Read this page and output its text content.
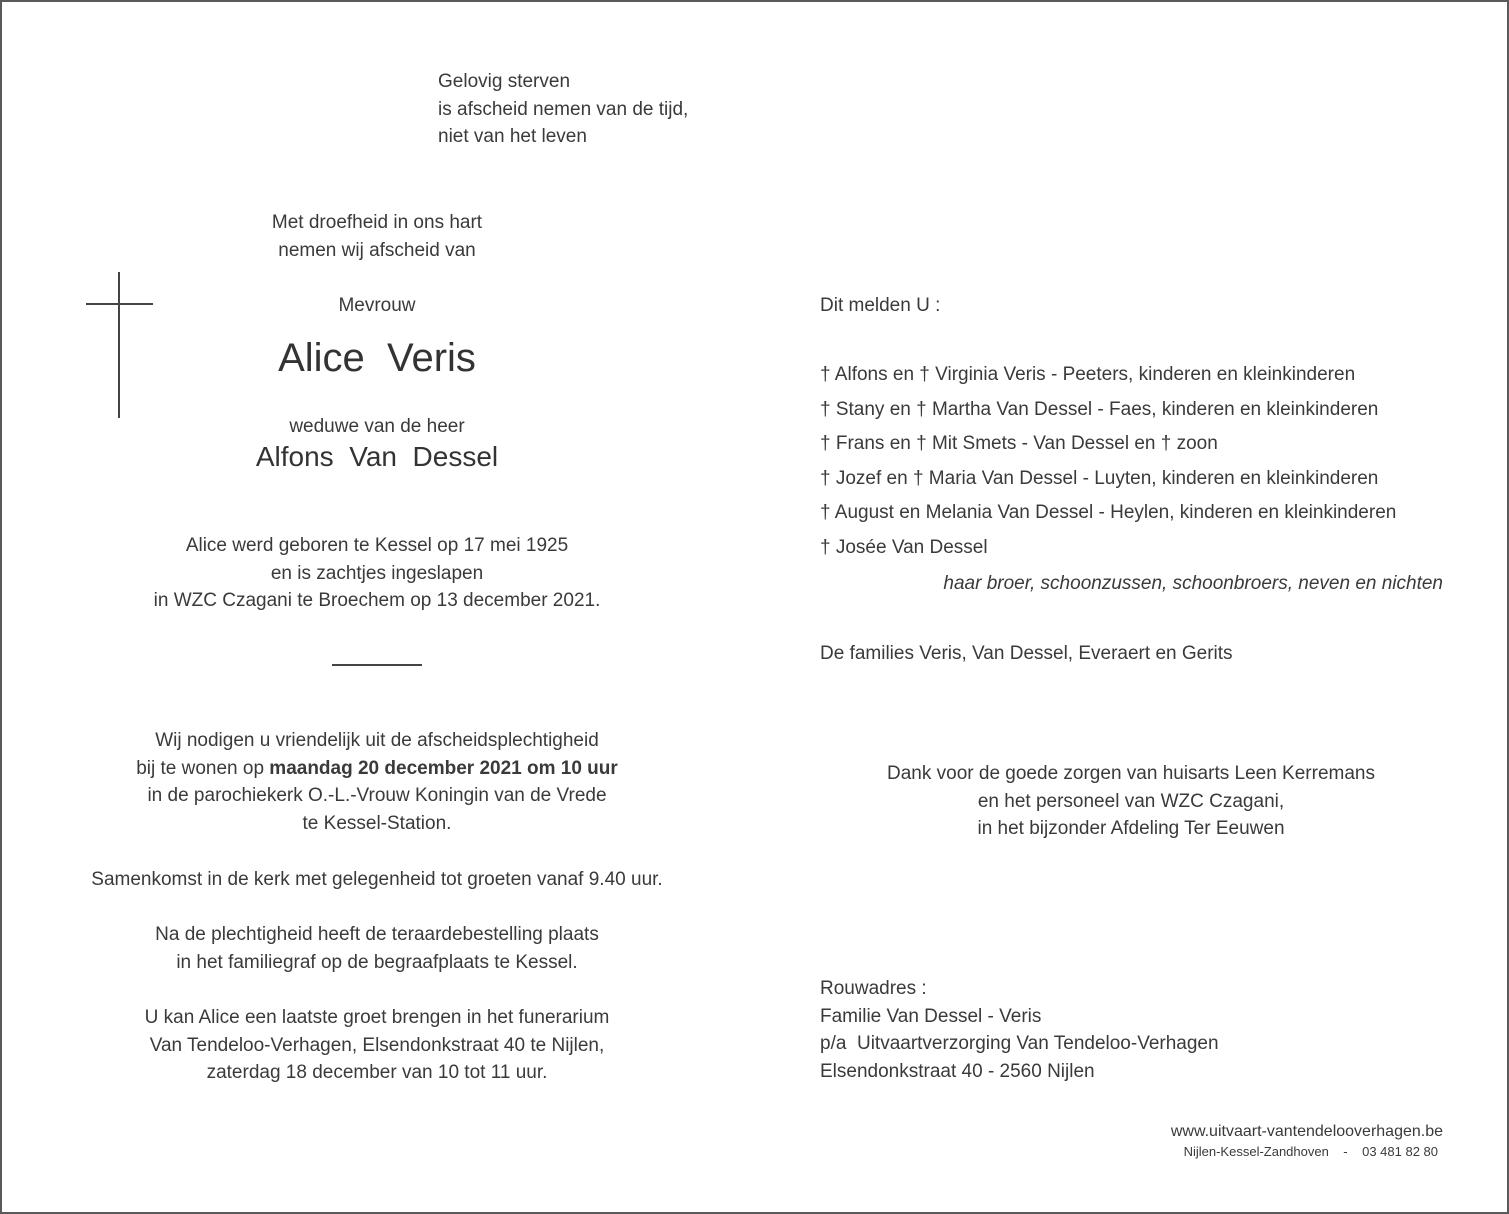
Gelovig sterven
is afscheid nemen van de tijd,
niet van het leven
Met droefheid in ons hart
nemen wij afscheid van
Mevrouw
Alice  Veris
weduwe van de heer
Alfons  Van  Dessel
Alice werd geboren te Kessel op 17 mei 1925
en is zachtjes ingeslapen
in WZC Czagani te Broechem op 13 december 2021.
Wij nodigen u vriendelijk uit de afscheidsplechtigheid
bij te wonen op maandag 20 december 2021 om 10 uur
in de parochiekerk O.-L.-Vrouw Koningin van de Vrede
te Kessel-Station.
Samenkomst in de kerk met gelegenheid tot groeten vanaf 9.40 uur.
Na de plechtigheid heeft de teraardebestelling plaats
in het familiegraf op de begraafplaats te Kessel.
U kan Alice een laatste groet brengen in het funerarium
Van Tendeloo-Verhagen, Elsendonkstraat 40 te Nijlen,
zaterdag 18 december van 10 tot 11 uur.
Dit melden U :
† Alfons en † Virginia Veris - Peeters, kinderen en kleinkinderen
† Stany en † Martha Van Dessel - Faes, kinderen en kleinkinderen
† Frans en † Mit Smets - Van Dessel en † zoon
† Jozef en † Maria Van Dessel - Luyten, kinderen en kleinkinderen
† August en Melania Van Dessel - Heylen, kinderen en kleinkinderen
† Josée Van Dessel
haar broer, schoonzussen, schoonbroers, neven en nichten
De families Veris, Van Dessel, Everaert en Gerits
Dank voor de goede zorgen van huisarts Leen Kerremans
en het personeel van WZC Czagani,
in het bijzonder Afdeling Ter Eeuwen
Rouwadres :
Familie Van Dessel - Veris
p/a  Uitvaartverzorging Van Tendeloo-Verhagen
Elsendonkstraat 40 - 2560 Nijlen
www.uitvaart-vantendelooverhagen.be
Nijlen-Kessel-Zandhoven - 03 481 82 80
